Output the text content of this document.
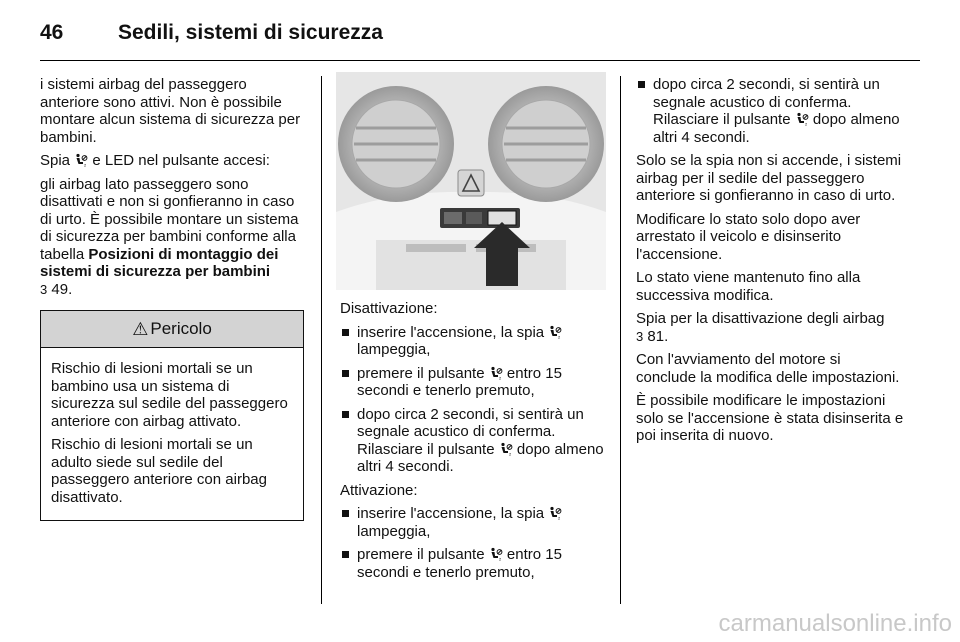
46	Sedili, sistemi di sicurezza

i sistemi airbag del passeggero anteriore sono attivi. Non è possibile montare alcun sistema di sicurezza per bambini.

Spia	2 e LED nel pulsante accesi:

gli airbag lato passeggero sono disattivati e non si gonfieranno in caso di urto. È possibile montare un sistema di sicurezza per bambini conforme alla tabella Posizioni di montaggio dei sistemi di sicurezza per bambini
3 49.

⚠ Pericolo

Rischio di lesioni mortali se un bambino usa un sistema di sicurezza sul sedile del passeggero anteriore con airbag attivato.

Rischio di lesioni mortali se un adulto siede sul sedile del passeggero anteriore con airbag disattivato.

Disattivazione:

inserire l'accensione, la spia	2
lampeggia,
premere il pulsante	2 entro 15 secondi e tenerlo premuto,
dopo circa 2 secondi, si sentirà un segnale acustico di conferma. Rilasciare il pulsante	2 dopo almeno altri 4 secondi.

Attivazione:

inserire l'accensione, la spia	2
lampeggia,
premere il pulsante	2 entro 15 secondi e tenerlo premuto,
dopo circa 2 secondi, si sentirà un segnale acustico di conferma. Rilasciare il pulsante	2 dopo almeno altri 4 secondi.

Solo se la spia non si accende, i sistemi airbag per il sedile del passeggero anteriore si gonfieranno in caso di urto.

Modificare lo stato solo dopo aver arrestato il veicolo e disinserito l'accensione.

Lo stato viene mantenuto fino alla successiva modifica.

Spia per la disattivazione degli airbag
3 81.

Con l'avviamento del motore si conclude la modifica delle impostazioni.

È possibile modificare le impostazioni solo se l'accensione è stata disinserita e poi inserita di nuovo.

carmanualsonline.info
